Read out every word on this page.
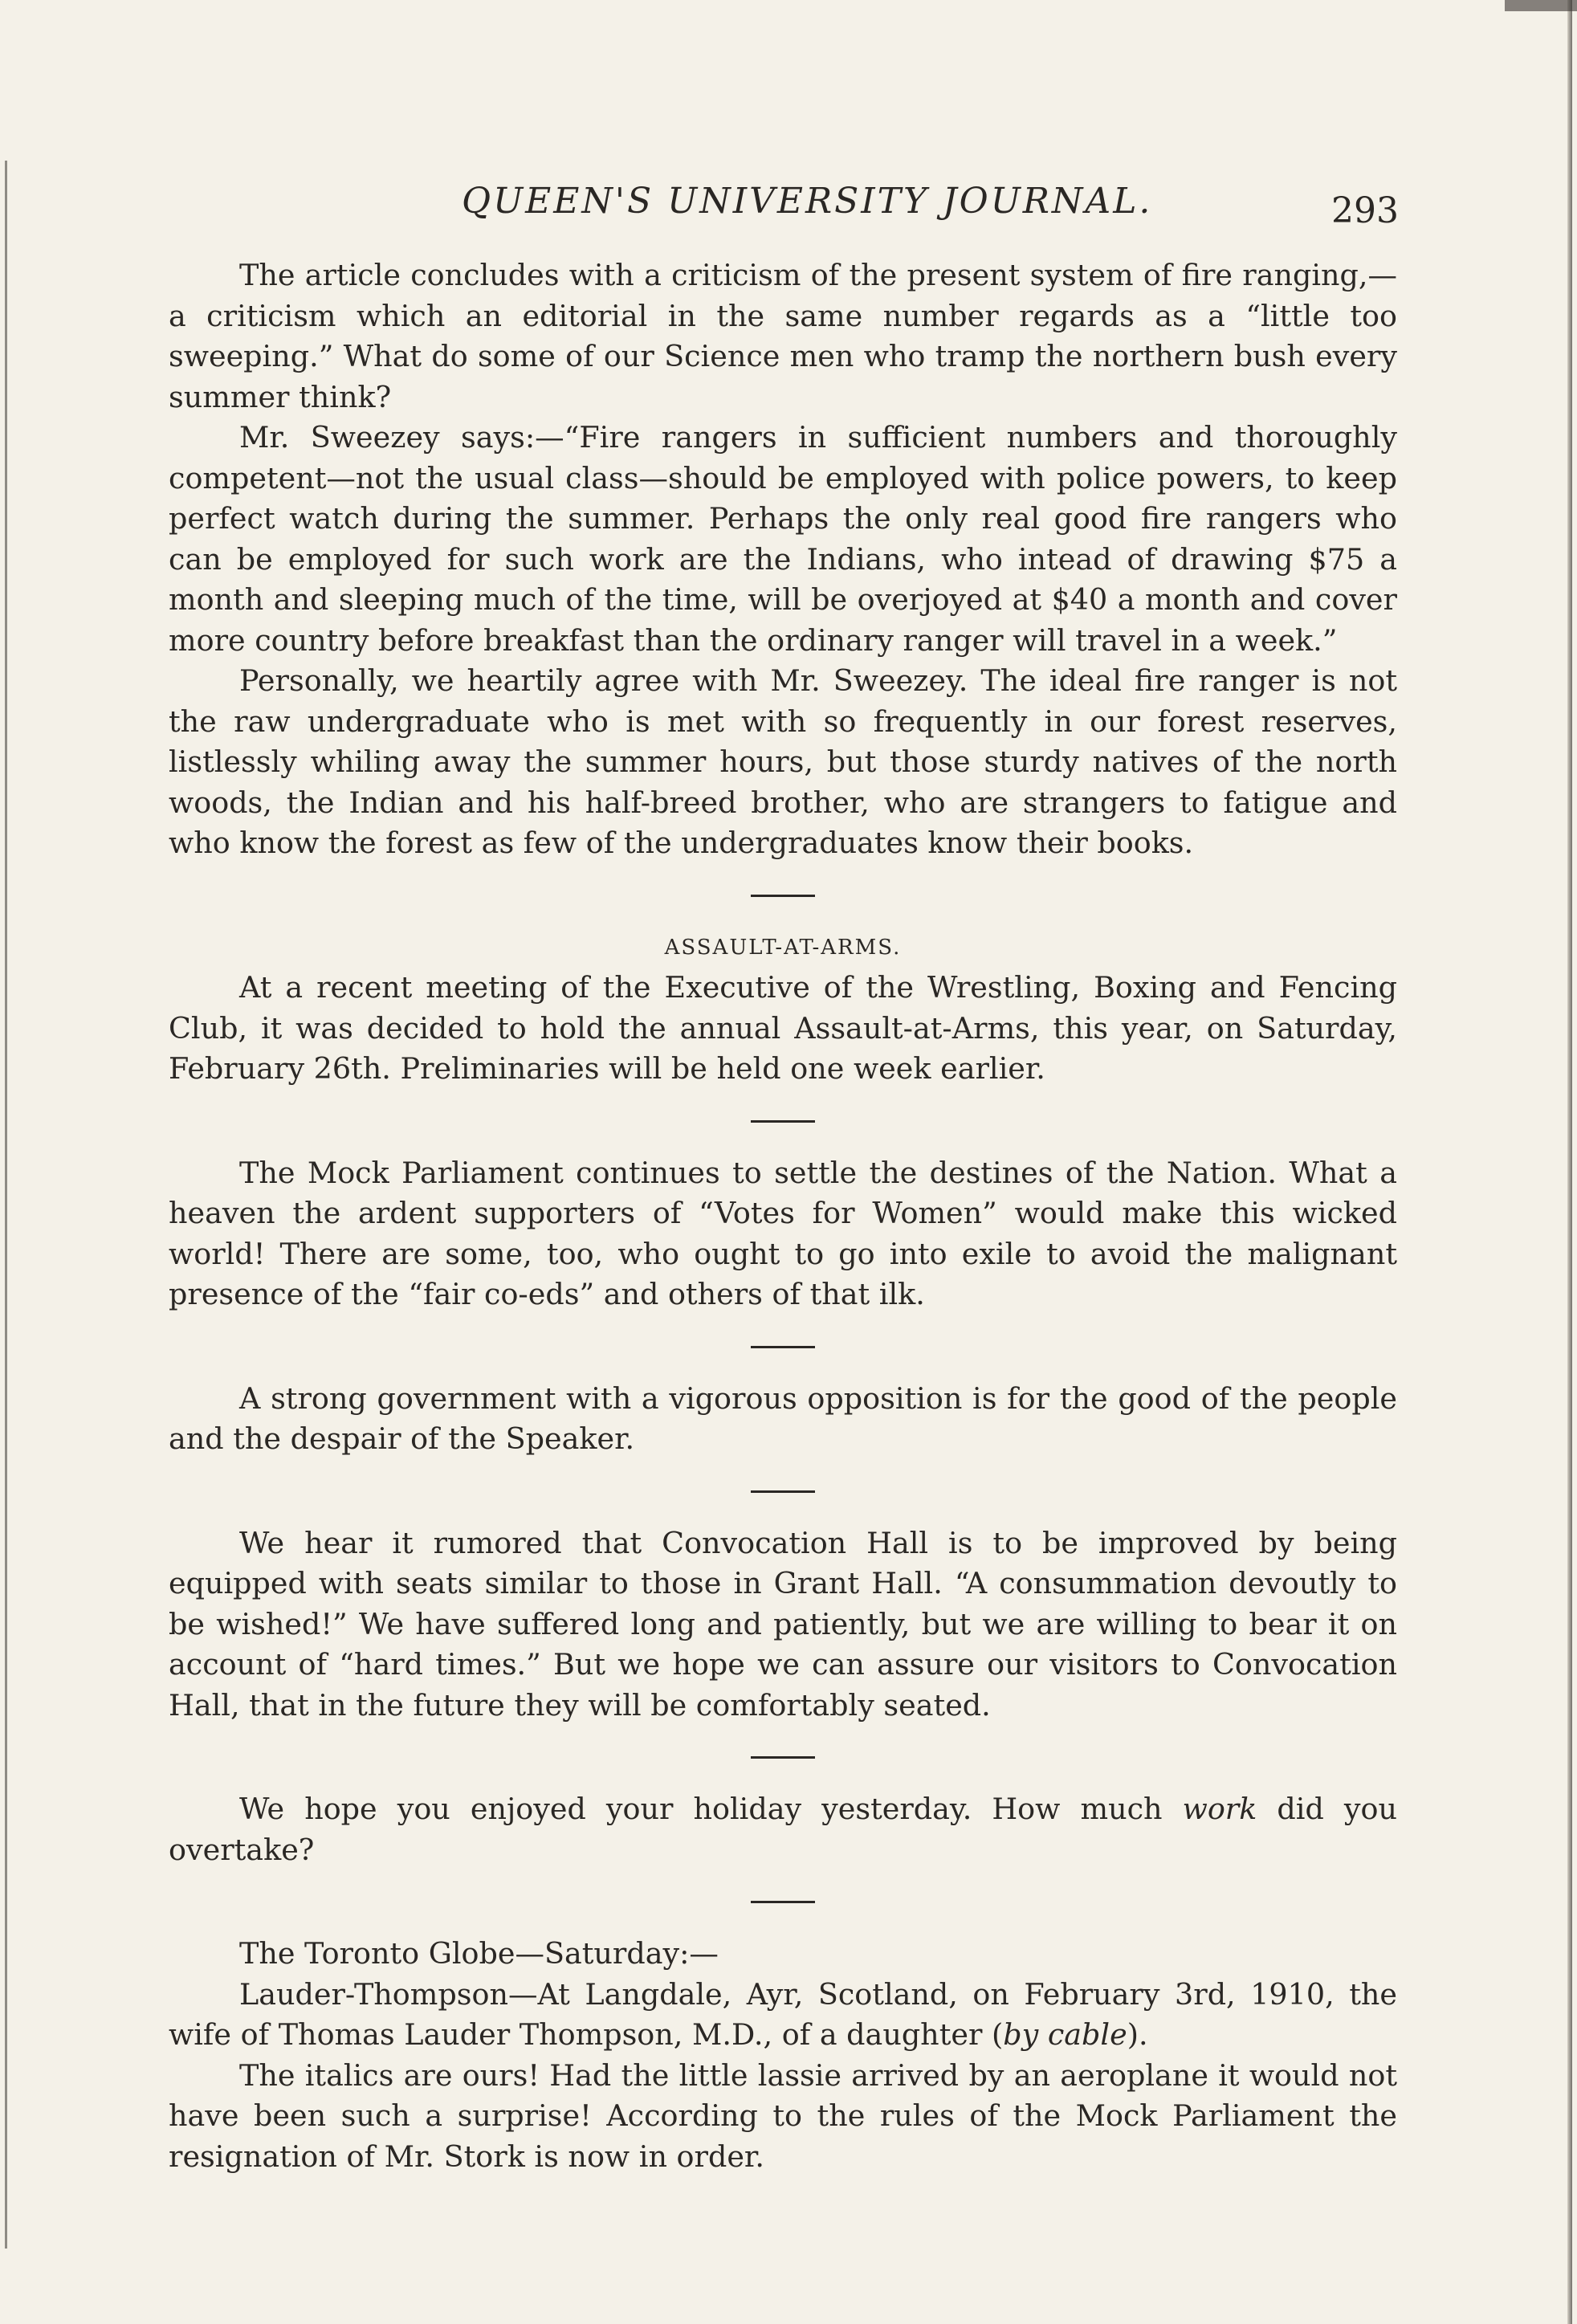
QUEEN'S UNIVERSITY JOURNAL.	293

The article concludes with a criticism of the present system of fire ranging,—a criticism which an editorial in the same number regards as a “little too sweeping.” What do some of our Science men who tramp the northern bush every summer think?

Mr. Sweezey says:—“Fire rangers in sufficient numbers and thoroughly competent—not the usual class—should be employed with police powers, to keep perfect watch during the summer. Perhaps the only real good fire rangers who can be employed for such work are the Indians, who intead of drawing $75 a month and sleeping much of the time, will be overjoyed at $40 a month and cover more country before breakfast than the ordinary ranger will travel in a week.”

Personally, we heartily agree with Mr. Sweezey. The ideal fire ranger is not the raw undergraduate who is met with so frequently in our forest reserves, listlessly whiling away the summer hours, but those sturdy natives of the north woods, the Indian and his half-breed brother, who are strangers to fatigue and who know the forest as few of the undergraduates know their books.

ASSAULT-AT-ARMS.

At a recent meeting of the Executive of the Wrestling, Boxing and Fencing Club, it was decided to hold the annual Assault-at-Arms, this year, on Saturday, February 26th. Preliminaries will be held one week earlier.

The Mock Parliament continues to settle the destines of the Nation. What a heaven the ardent supporters of “Votes for Women” would make this wicked world! There are some, too, who ought to go into exile to avoid the malignant presence of the “fair co-eds” and others of that ilk.

A strong government with a vigorous opposition is for the good of the people and the despair of the Speaker.

We hear it rumored that Convocation Hall is to be improved by being equipped with seats similar to those in Grant Hall. “A consummation devoutly to be wished!” We have suffered long and patiently, but we are willing to bear it on account of “hard times.” But we hope we can assure our visitors to Convocation Hall, that in the future they will be comfortably seated.

We hope you enjoyed your holiday yesterday. How much work did you overtake?

The Toronto Globe—Saturday:—

Lauder-Thompson—At Langdale, Ayr, Scotland, on February 3rd, 1910, the wife of Thomas Lauder Thompson, M.D., of a daughter (by cable).

The italics are ours! Had the little lassie arrived by an aeroplane it would not have been such a surprise! According to the rules of the Mock Parliament the resignation of Mr. Stork is now in order.
